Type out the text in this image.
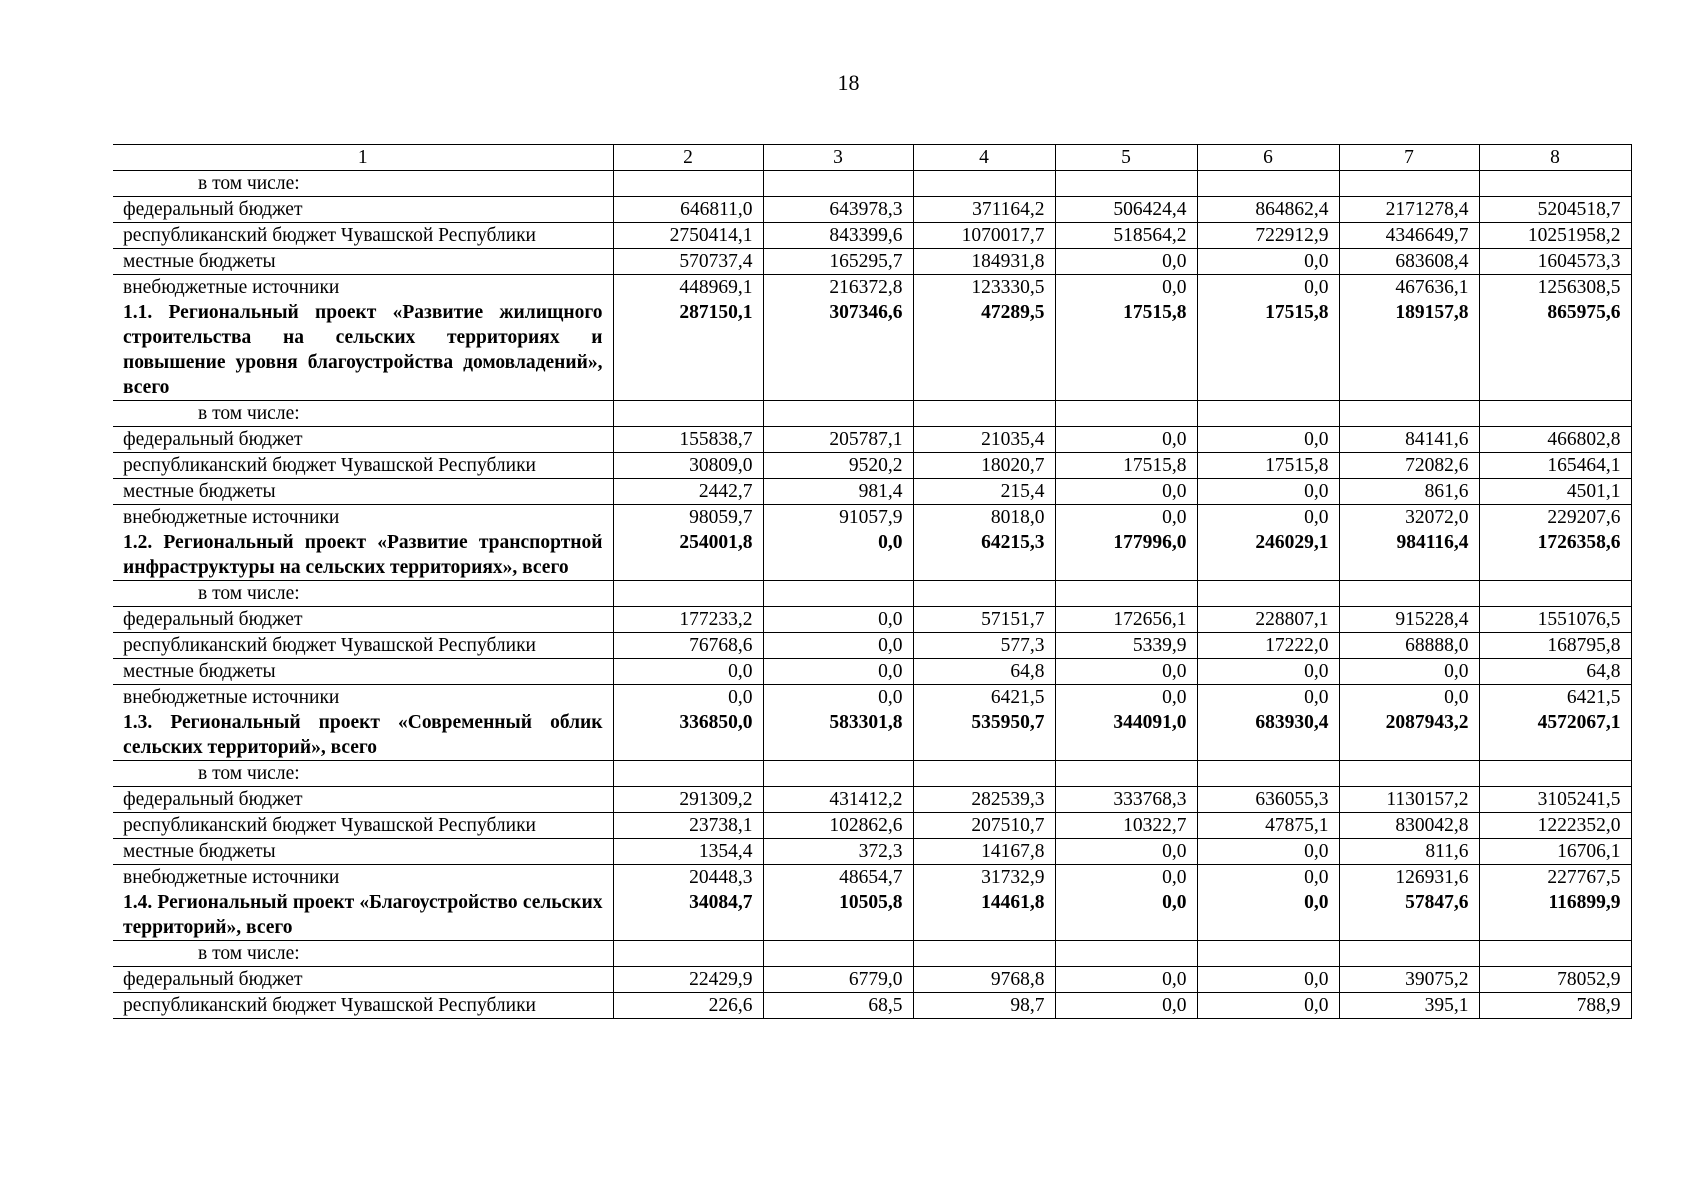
18
1	2	3	4	5	6	7	8
в том числе:							
федеральный бюджет	646811,0	643978,3	371164,2	506424,4	864862,4	2171278,4	5204518,7
республиканский бюджет Чувашской Республики	2750414,1	843399,6	1070017,7	518564,2	722912,9	4346649,7	10251958,2
местные бюджеты	570737,4	165295,7	184931,8	0,0	0,0	683608,4	1604573,3
внебюджетные источники	448969,1	216372,8	123330,5	0,0	0,0	467636,1	1256308,5
1.1. Региональный проект «Развитие жилищного строительства на сельских территориях и повышение уровня благоустройства домовладений», всего	287150,1	307346,6	47289,5	17515,8	17515,8	189157,8	865975,6
в том числе:							
федеральный бюджет	155838,7	205787,1	21035,4	0,0	0,0	84141,6	466802,8
республиканский бюджет Чувашской Республики	30809,0	9520,2	18020,7	17515,8	17515,8	72082,6	165464,1
местные бюджеты	2442,7	981,4	215,4	0,0	0,0	861,6	4501,1
внебюджетные источники	98059,7	91057,9	8018,0	0,0	0,0	32072,0	229207,6
1.2. Региональный проект «Развитие транспортной инфраструктуры на сельских территориях», всего	254001,8	0,0	64215,3	177996,0	246029,1	984116,4	1726358,6
в том числе:							
федеральный бюджет	177233,2	0,0	57151,7	172656,1	228807,1	915228,4	1551076,5
республиканский бюджет Чувашской Республики	76768,6	0,0	577,3	5339,9	17222,0	68888,0	168795,8
местные бюджеты	0,0	0,0	64,8	0,0	0,0	0,0	64,8
внебюджетные источники	0,0	0,0	6421,5	0,0	0,0	0,0	6421,5
1.3. Региональный проект «Современный облик сельских территорий», всего	336850,0	583301,8	535950,7	344091,0	683930,4	2087943,2	4572067,1
в том числе:							
федеральный бюджет	291309,2	431412,2	282539,3	333768,3	636055,3	1130157,2	3105241,5
республиканский бюджет Чувашской Республики	23738,1	102862,6	207510,7	10322,7	47875,1	830042,8	1222352,0
местные бюджеты	1354,4	372,3	14167,8	0,0	0,0	811,6	16706,1
внебюджетные источники	20448,3	48654,7	31732,9	0,0	0,0	126931,6	227767,5
1.4. Региональный проект «Благоустройство сельских территорий», всего	34084,7	10505,8	14461,8	0,0	0,0	57847,6	116899,9
в том числе:							
федеральный бюджет	22429,9	6779,0	9768,8	0,0	0,0	39075,2	78052,9
республиканский бюджет Чувашской Республики	226,6	68,5	98,7	0,0	0,0	395,1	788,9
